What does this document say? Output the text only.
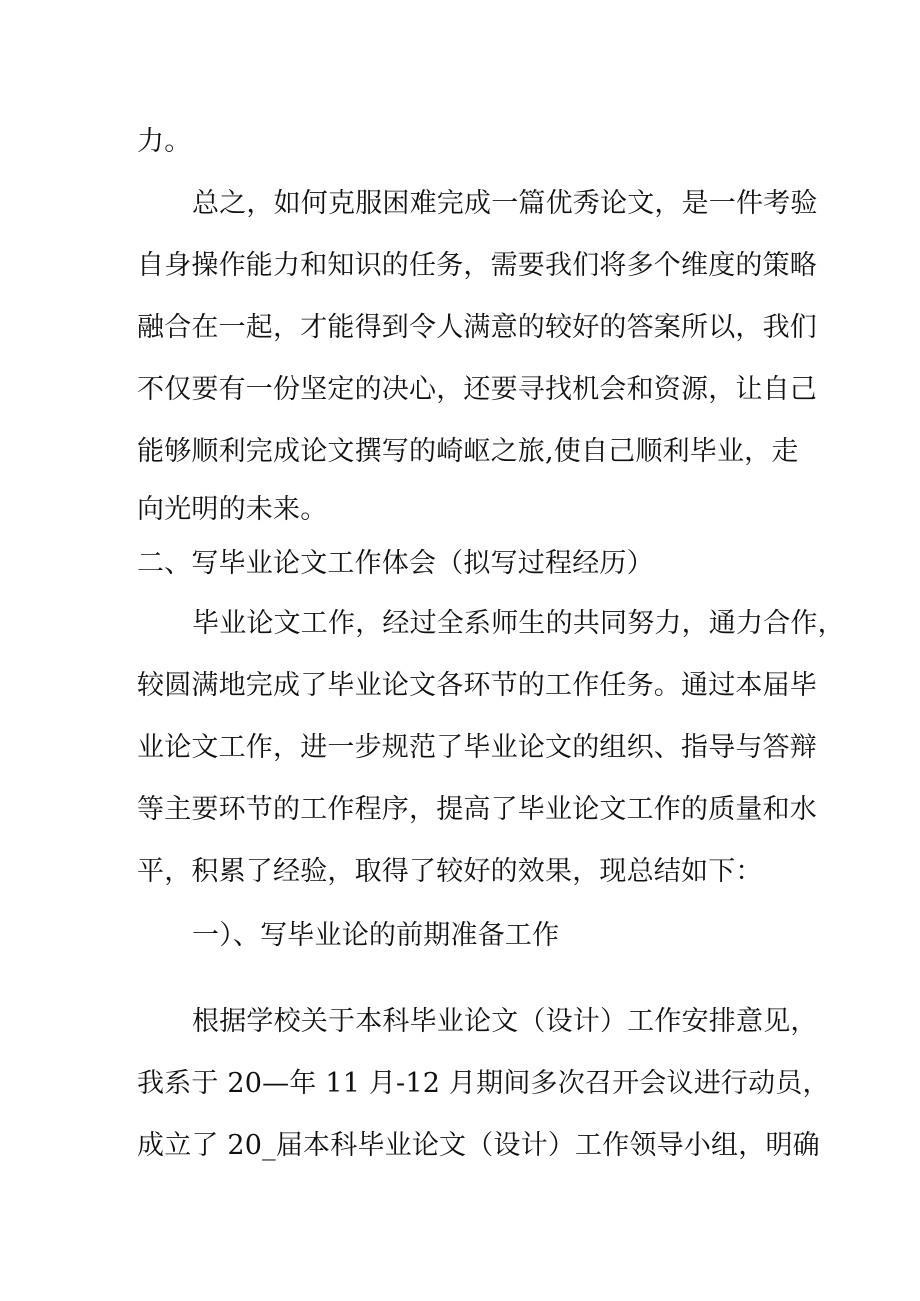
力。
总之，如何克服困难完成一篇优秀论文，是一件考验
自身操作能力和知识的任务，需要我们将多个维度的策略
融合在一起，才能得到令人满意的较好的答案所以，我们
不仅要有一份坚定的决心，还要寻找机会和资源，让自己
能够顺利完成论文撰写的崎岖之旅,使自己顺利毕业，走
向光明的未来。
二、写毕业论文工作体会（拟写过程经历）
毕业论文工作，经过全系师生的共同努力，通力合作，
较圆满地完成了毕业论文各环节的工作任务。通过本届毕
业论文工作，进一步规范了毕业论文的组织、指导与答辩
等主要环节的工作程序，提高了毕业论文工作的质量和水
平，积累了经验，取得了较好的效果，现总结如下：
一）、写毕业论的前期准备工作
根据学校关于本科毕业论文（设计）工作安排意见，
我系于 20—年 11 月-12 月期间多次召开会议进行动员，
成立了 20_届本科毕业论文（设计）工作领导小组，明确
